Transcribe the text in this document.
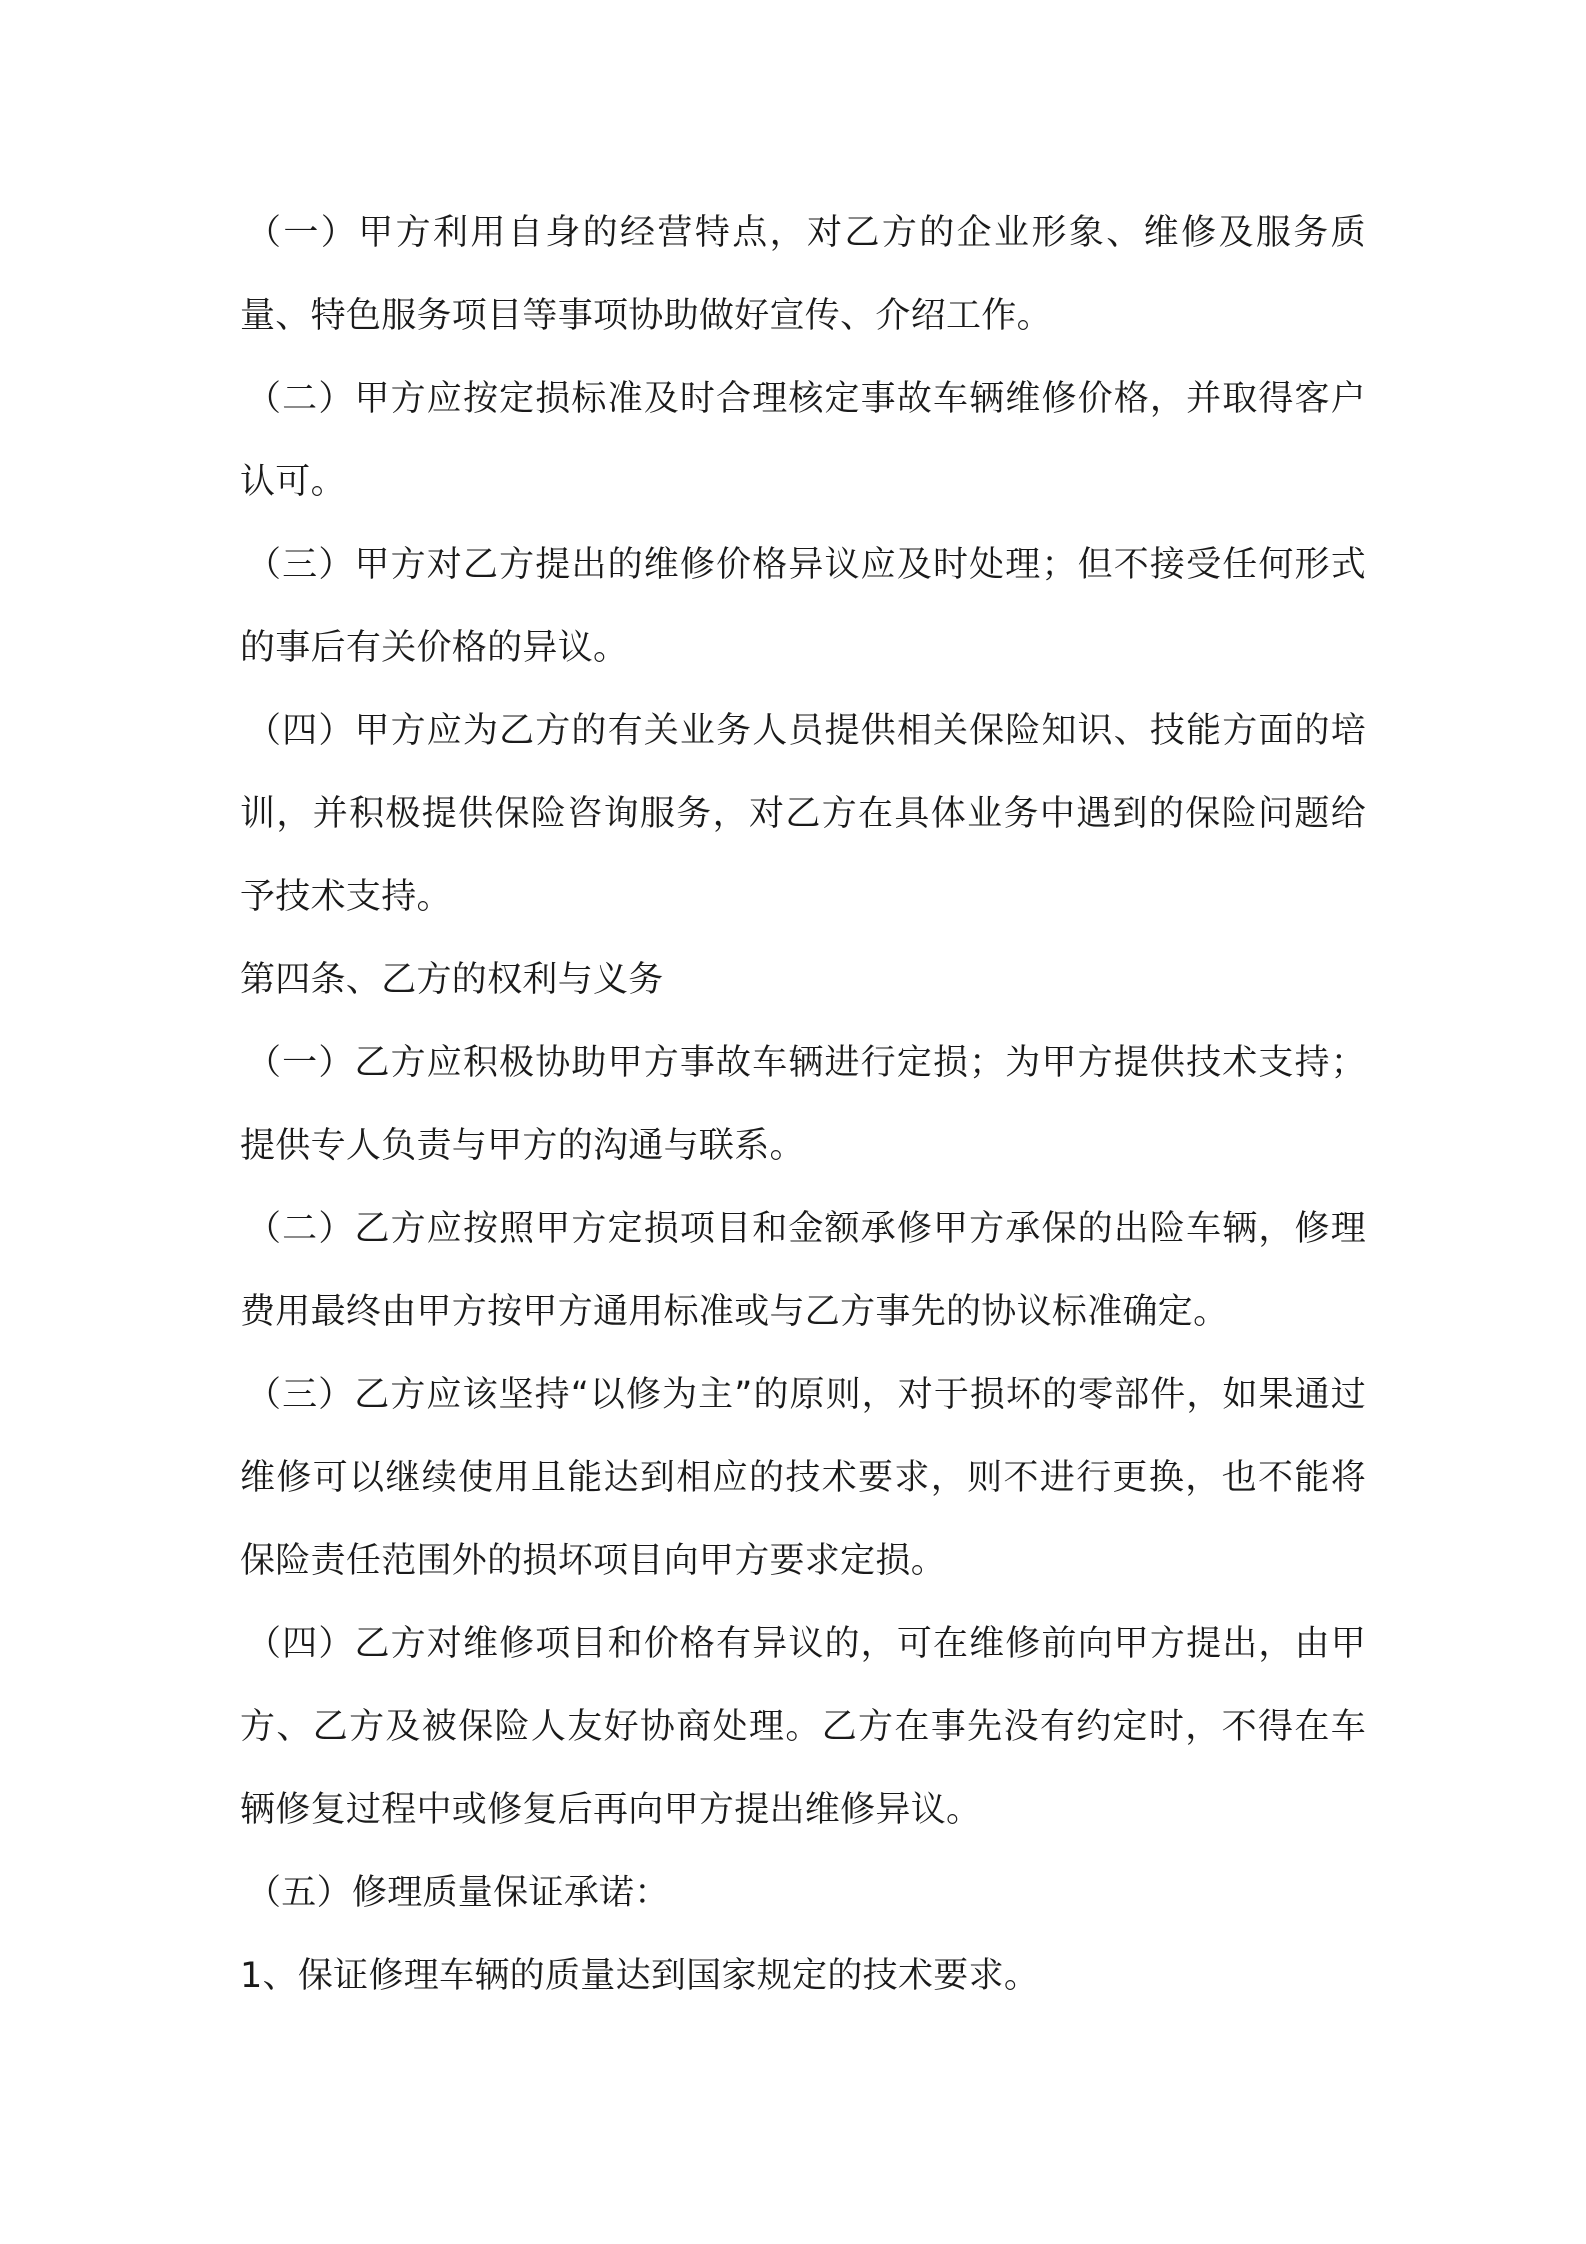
（一）甲方利用自身的经营特点，对乙方的企业形象、维修及服务质量、特色服务项目等事项协助做好宣传、介绍工作。

（二）甲方应按定损标准及时合理核定事故车辆维修价格，并取得客户认可。

（三）甲方对乙方提出的维修价格异议应及时处理；但不接受任何形式的事后有关价格的异议。

（四）甲方应为乙方的有关业务人员提供相关保险知识、技能方面的培训，并积极提供保险咨询服务，对乙方在具体业务中遇到的保险问题给予技术支持。

第四条、乙方的权利与义务

（一）乙方应积极协助甲方事故车辆进行定损；为甲方提供技术支持；提供专人负责与甲方的沟通与联系。

（二）乙方应按照甲方定损项目和金额承修甲方承保的出险车辆，修理费用最终由甲方按甲方通用标准或与乙方事先的协议标准确定。

（三）乙方应该坚持“以修为主”的原则，对于损坏的零部件，如果通过维修可以继续使用且能达到相应的技术要求，则不进行更换，也不能将保险责任范围外的损坏项目向甲方要求定损。

（四）乙方对维修项目和价格有异议的，可在维修前向甲方提出，由甲方、乙方及被保险人友好协商处理。乙方在事先没有约定时，不得在车辆修复过程中或修复后再向甲方提出维修异议。

（五）修理质量保证承诺：

1、保证修理车辆的质量达到国家规定的技术要求。
